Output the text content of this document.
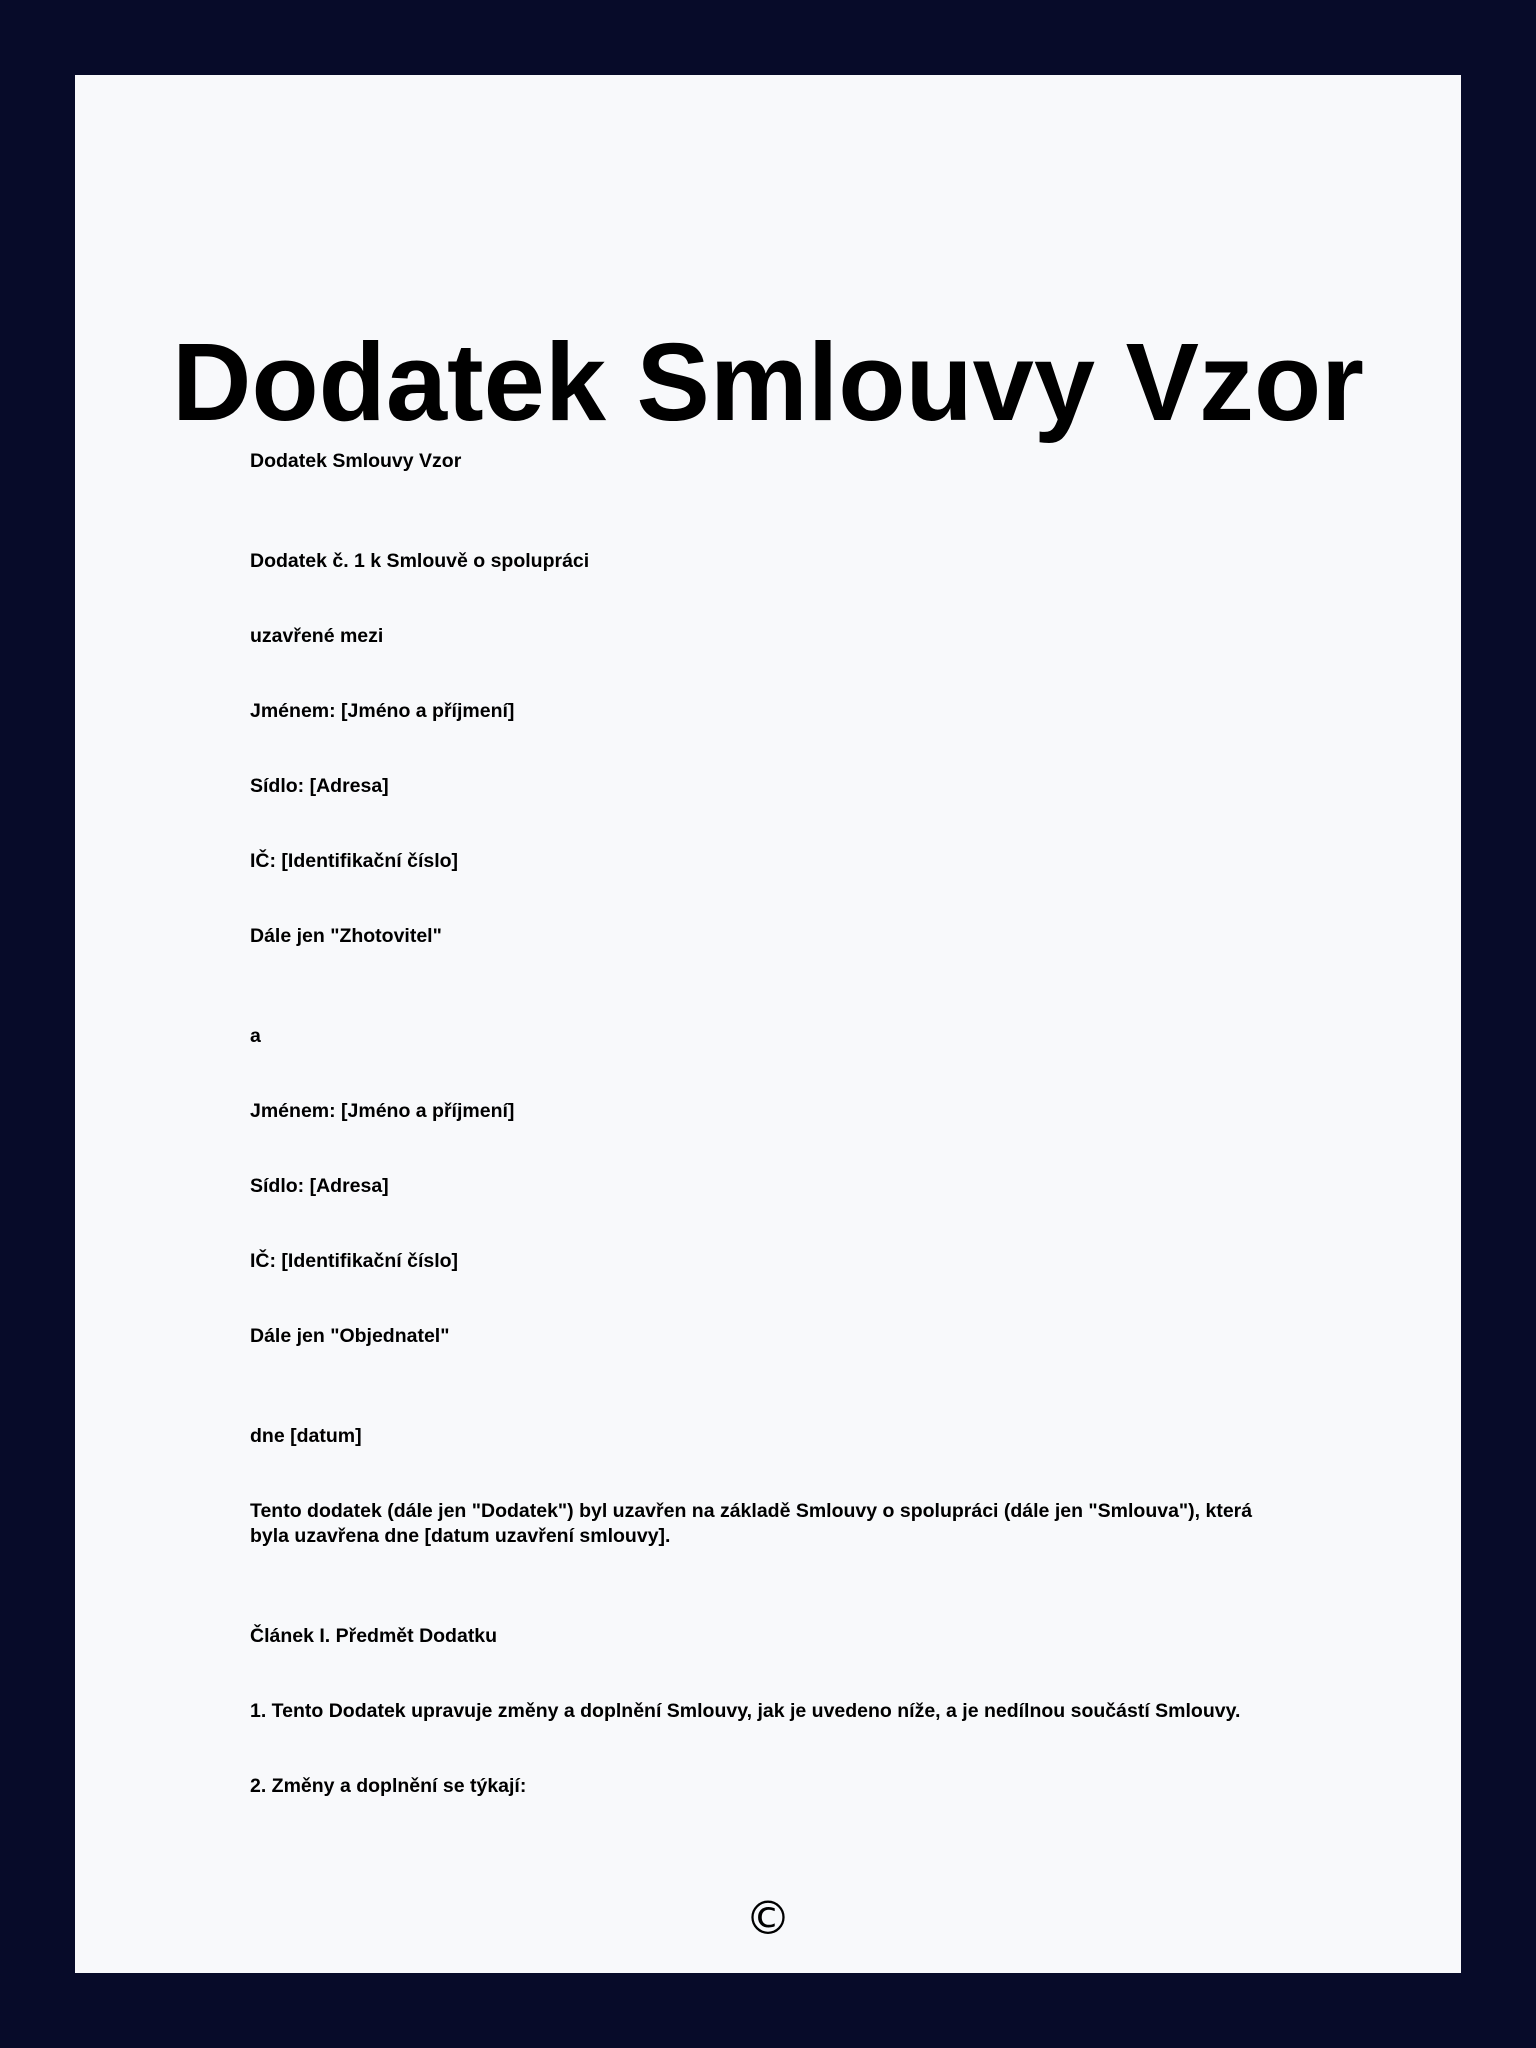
Dodatek Smlouvy Vzor

Dodatek Smlouvy Vzor

Dodatek č. 1 k Smlouvě o spolupráci

uzavřené mezi

Jménem: [Jméno a příjmení]

Sídlo: [Adresa]

IČ: [Identifikační číslo]

Dále jen "Zhotovitel"

a

Jménem: [Jméno a příjmení]

Sídlo: [Adresa]

IČ: [Identifikační číslo]

Dále jen "Objednatel"

dne [datum]

Tento dodatek (dále jen "Dodatek") byl uzavřen na základě Smlouvy o spolupráci (dále jen "Smlouva"), která byla uzavřena dne [datum uzavření smlouvy].

Článek I. Předmět Dodatku

1. Tento Dodatek upravuje změny a doplnění Smlouvy, jak je uvedeno níže, a je nedílnou součástí Smlouvy.

2. Změny a doplnění se týkají:

©
